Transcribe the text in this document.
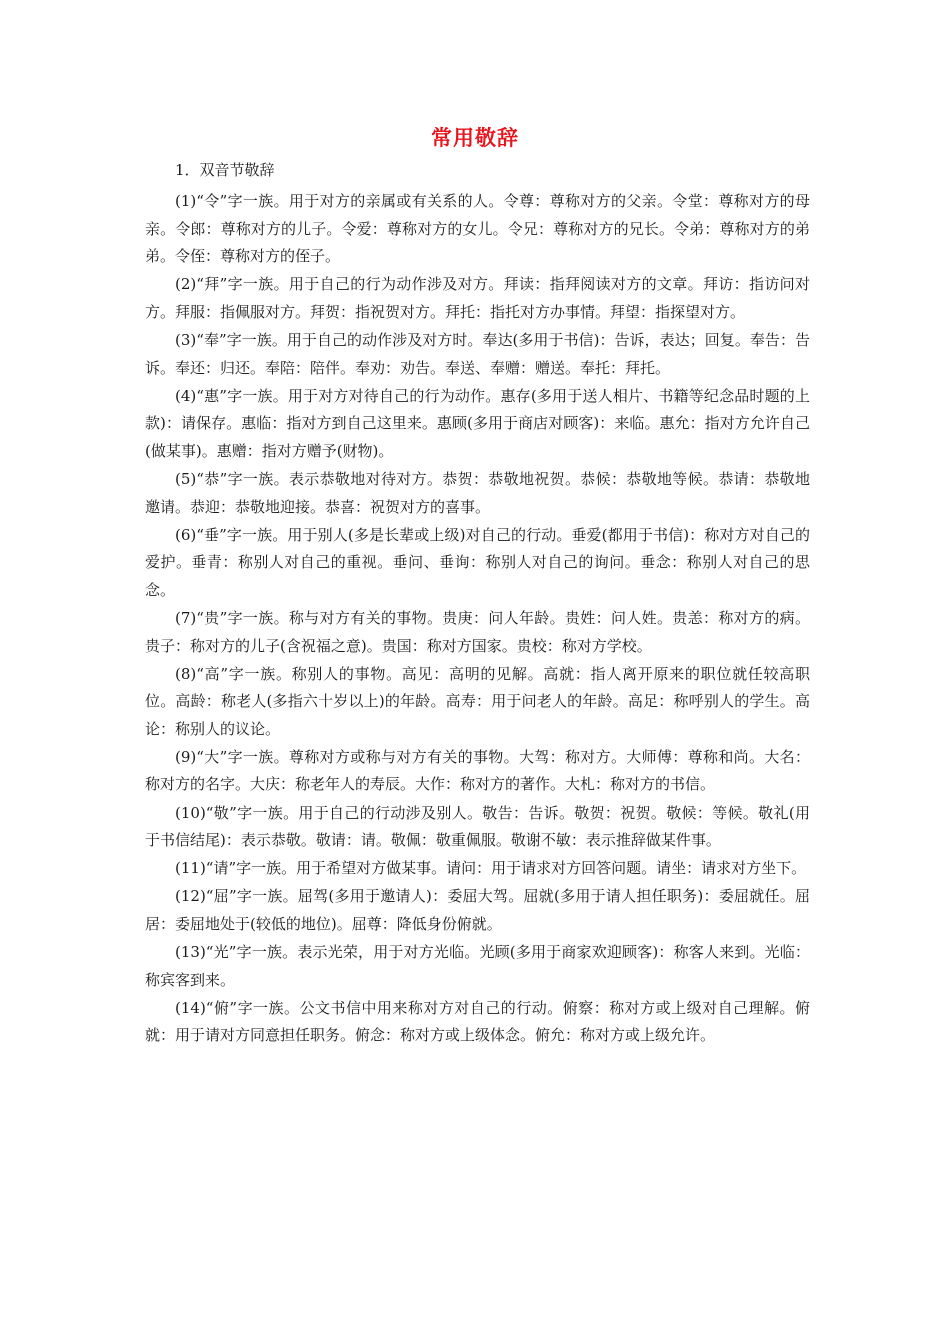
常用敬辞
1．双音节敬辞

(1)“令”字一族。用于对方的亲属或有关系的人。令尊：尊称对方的父亲。令堂：尊称对方的母亲。令郎：尊称对方的儿子。令爱：尊称对方的女儿。令兄：尊称对方的兄长。令弟：尊称对方的弟弟。令侄：尊称对方的侄子。

(2)“拜”字一族。用于自己的行为动作涉及对方。拜读：指拜阅读对方的文章。拜访：指访问对方。拜服：指佩服对方。拜贺：指祝贺对方。拜托：指托对方办事情。拜望：指探望对方。

(3)“奉”字一族。用于自己的动作涉及对方时。奉达(多用于书信)：告诉，表达；回复。奉告：告诉。奉还：归还。奉陪：陪伴。奉劝：劝告。奉送、奉赠：赠送。奉托：拜托。

(4)“惠”字一族。用于对方对待自己的行为动作。惠存(多用于送人相片、书籍等纪念品时题的上款)：请保存。惠临：指对方到自己这里来。惠顾(多用于商店对顾客)：来临。惠允：指对方允许自己(做某事)。惠赠：指对方赠予(财物)。

(5)“恭”字一族。表示恭敬地对待对方。恭贺：恭敬地祝贺。恭候：恭敬地等候。恭请：恭敬地邀请。恭迎：恭敬地迎接。恭喜：祝贺对方的喜事。

(6)“垂”字一族。用于别人(多是长辈或上级)对自己的行动。垂爱(都用于书信)：称对方对自己的爱护。垂青：称别人对自己的重视。垂问、垂询：称别人对自己的询问。垂念：称别人对自己的思念。

(7)“贵”字一族。称与对方有关的事物。贵庚：问人年龄。贵姓：问人姓。贵恙：称对方的病。贵子：称对方的儿子(含祝福之意)。贵国：称对方国家。贵校：称对方学校。

(8)“高”字一族。称别人的事物。高见：高明的见解。高就：指人离开原来的职位就任较高职位。高龄：称老人(多指六十岁以上)的年龄。高寿：用于问老人的年龄。高足：称呼别人的学生。高论：称别人的议论。

(9)“大”字一族。尊称对方或称与对方有关的事物。大驾：称对方。大师傅：尊称和尚。大名：称对方的名字。大庆：称老年人的寿辰。大作：称对方的著作。大札：称对方的书信。

(10)“敬”字一族。用于自己的行动涉及别人。敬告：告诉。敬贺：祝贺。敬候：等候。敬礼(用于书信结尾)：表示恭敬。敬请：请。敬佩：敬重佩服。敬谢不敏：表示推辞做某件事。

(11)“请”字一族。用于希望对方做某事。请问：用于请求对方回答问题。请坐：请求对方坐下。

(12)“屈”字一族。屈驾(多用于邀请人)：委屈大驾。屈就(多用于请人担任职务)：委屈就任。屈居：委屈地处于(较低的地位)。屈尊：降低身份俯就。

(13)“光”字一族。表示光荣，用于对方光临。光顾(多用于商家欢迎顾客)：称客人来到。光临：称宾客到来。

(14)“俯”字一族。公文书信中用来称对方对自己的行动。俯察：称对方或上级对自己理解。俯就：用于请对方同意担任职务。俯念：称对方或上级体念。俯允：称对方或上级允许。
